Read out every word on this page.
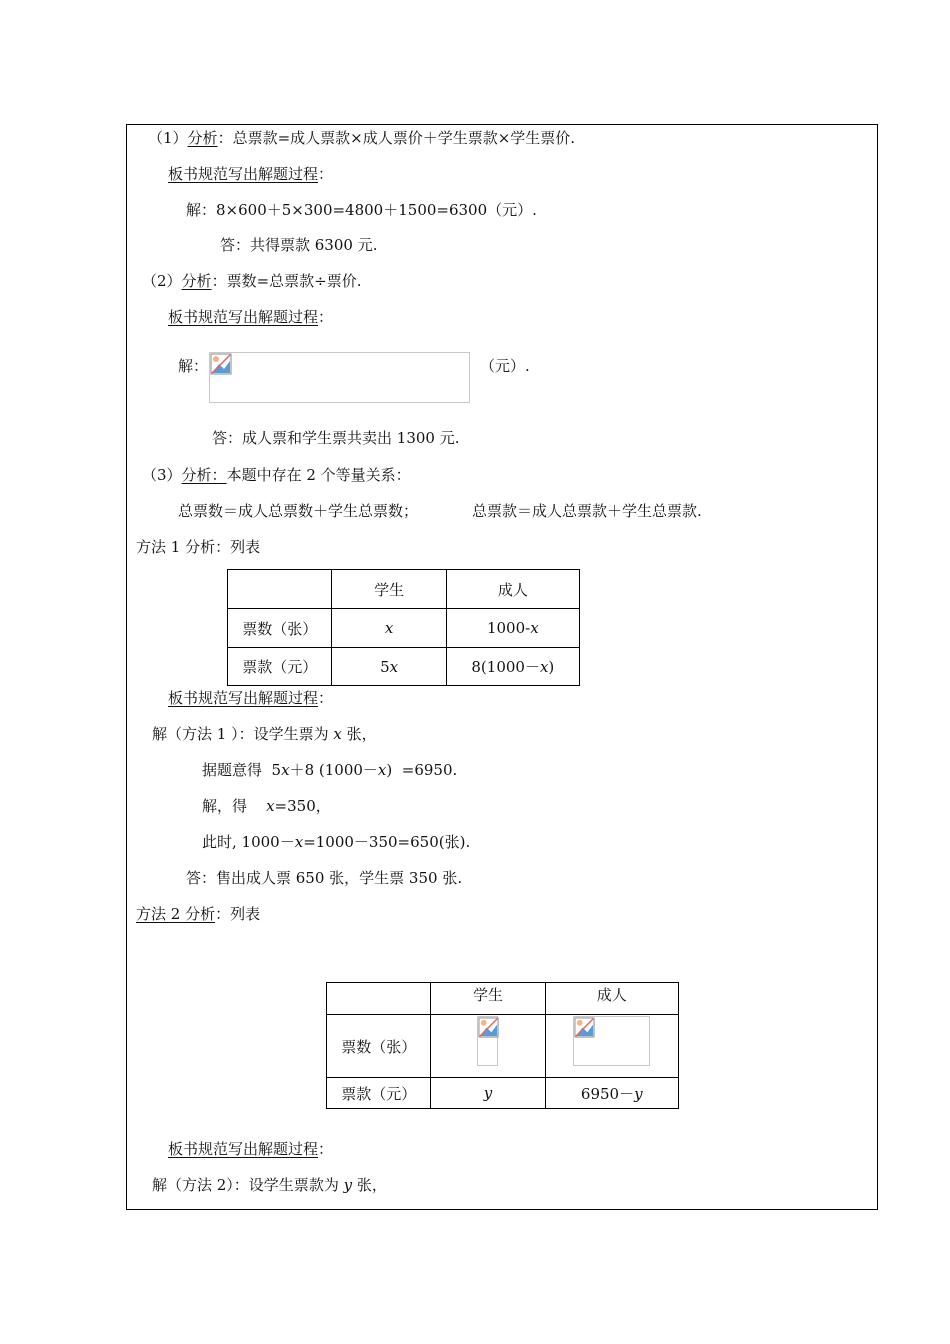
（1）分析：总票款=成人票款×成人票价＋学生票款×学生票价.
板书规范写出解题过程：
解：8×600＋5×300=4800＋1500=6300（元）.
答：共得票款 6300 元.
（2）分析：票数=总票款÷票价.
板书规范写出解题过程：
解：	（元）.
答：成人票和学生票共卖出 1300 元.
（3）分析：本题中存在 2 个等量关系：
总票数＝成人总票数＋学生总票数；	总票款＝成人总票款＋学生总票款.
方法 1 分析：列表
	学生	成人
票数（张）	x	1000-x
票款（元）	5x	8(1000－x)
板书规范写出解题过程：
解（方法 1 ）：设学生票为 x 张，
据题意得  5x＋8 (1000－x)  =6950.
解，得    x=350，
此时, 1000－x=1000－350=650(张).
答：售出成人票 650 张，学生票 350 张.
方法 2 分析：列表
	学生	成人
票数（张）	

票款（元）	y	6950－y
板书规范写出解题过程：
解（方法 2）：设学生票款为 y 张，
